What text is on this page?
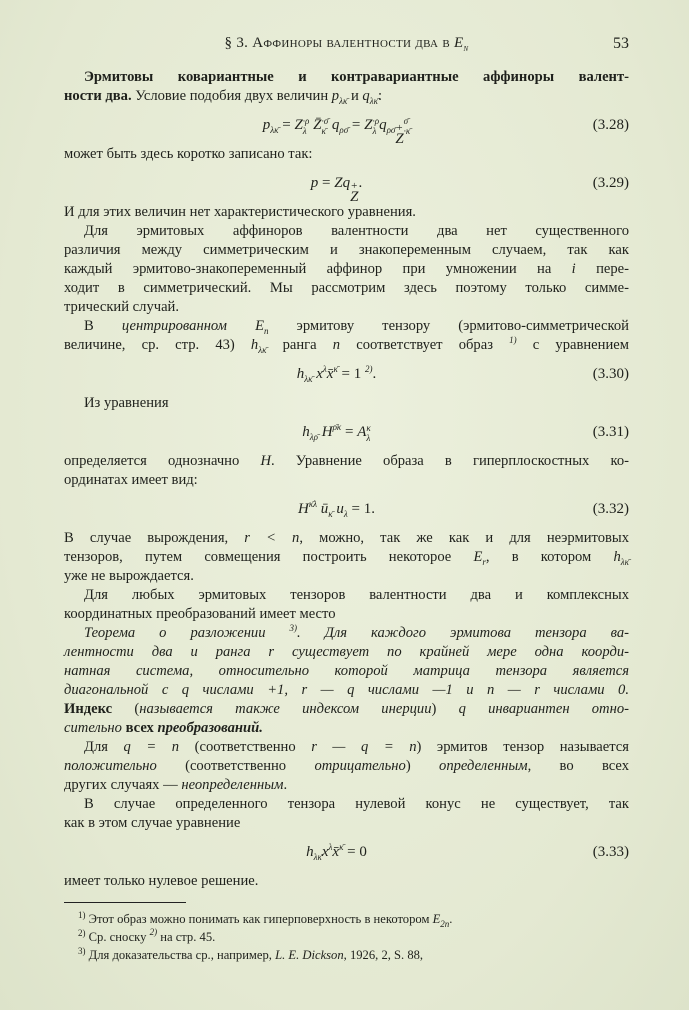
§ 3. Аффиноры валентности два в $E_n$	53
Эрмитовы ковариантные и контравариантные аффиноры валент-
ности два. Условие подобия двух величин $p_{\lambda\kappā}$ и $q_{\lambda\kappā}$:
$p_{\lambda\kappā} = Z \cdot\rho$
λ Z̄ ·σ̄
κ̄ $q_{\rho\sigmā} = Z \cdot\rho$
λ $q_{\rho\sigmā}$ +
Z
σ̄
·κ̄	(3.28)
может быть здесь коротко записано так:
p = Zq +
Z
.	(3.29)
И для этих величин нет характеристического уравнения.
Для эрмитовых аффиноров валентности два нет существенного
различия между симметрическим и знакопеременным случаем, так как
каждый эрмитово-знакопеременный аффинор при умножении на i пере-
ходит в симметрический. Мы рассмотрим здесь поэтому только симме-
трический случай.
В центрированном $E_n$ эрмитову тензору (эрмитово-симметрической
величине, ср. стр. 43) $h_{\lambda\kappā}$ ранга n соответствует образ $^{1)}$ с уравнением
$h_{\lambda\kappā}$ $x^\lambda x̄^{\kappā} = 1$ $^{2)}$.	(3.30)
Из уравнения
$h_{\lambda\rhō}$ $H^{\rhō\kappa} = A$ κ
λ	(3.31)
определяется однозначно H. Уравнение образа в гиперплоскостных ко-
ординатах имеет вид:
$H^{\kappā\lambda}$ $ū_{\kappā}$ $u_\lambda = 1$.	(3.32)
В случае вырождения, r < n, можно, так же как и для неэрмитовых
тензоров, путем совмещения построить некоторое $E_r$, в котором $h_{\lambda\kappā}$
уже не вырождается.
Для любых эрмитовых тензоров валентности два и комплексных
координатных преобразований имеет место
Теорема о разложении $^{3)}$. Для каждого эрмитова тензора ва-
лентности два и ранга r существует по крайней мере одна коорди-
натная система, относительно которой матрица тензора является
диагональной с q числами +1, r — q числами —1 и n — r числами 0.
Индекс (называется также индексом инерции) q инвариантен отно-
сительно всех преобразований.
Для q = n (соответственно r — q = n) эрмитов тензор называется
положительно (соответственно отрицательно) определенным, во всех
других случаях — неопределенным.
В случае определенного тензора нулевой конус не существует, так
как в этом случае уравнение
$h_{\lambda\kappā}x^\lambda x̄^{\kappā} = 0$	(3.33)
имеет только нулевое решение.
$^{1)}$ Этот образ можно понимать как гиперповерхность в некотором $E_{2n}$.
$^{2)}$ Ср. сноску $^{2)}$ на стр. 45.
$^{3)}$ Для доказательства ср., например, L. E. Dickson, 1926, 2, S. 88,
